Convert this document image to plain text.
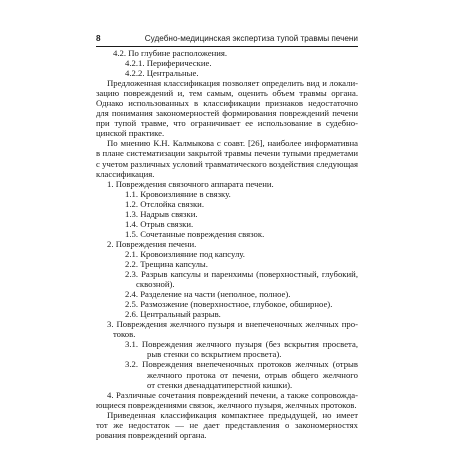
8	Судебно-медицинская экспертиза тупой травмы печени
4.2. По глубине расположения.
4.2.1. Периферические.
4.2.2. Центральные.
Предложенная классификация позволяет определить вид и локали-
зацию повреждений и, тем самым, оценить объем травмы органа.
Однако использованных в классификации признаков недостаточно
для понимания закономерностей формирования повреждений печени
при тупой травме, что ограничивает ее использование в судебно-
цинской практике.
По мнению К.Н. Калмыкова с соавт. [26], наиболее информативна
в плане систематизации закрытой травмы печени тупыми предметами
с учетом различных условий травматического воздействия следующая
классификация.
1. Повреждения связочного аппарата печени.
1.1. Кровоизлияние в связку.
1.2. Отслойка связки.
1.3. Надрыв связки.
1.4. Отрыв связки.
1.5. Сочетанные повреждения связок.
2. Повреждения печени.
2.1. Кровоизлияние под капсулу.
2.2. Трещина капсулы.
2.3. Разрыв капсулы и паренхимы (поверхностный, глубокий,
сквозной).
2.4. Разделение на части (неполное, полное).
2.5. Размозжение (поверхностное, глубокое, обширное).
2.6. Центральный разрыв.
3. Повреждения желчного пузыря и внепеченочных желчных про-
токов.
3.1. Повреждения желчного пузыря (без вскрытия просвета,
рыв стенки со вскрытием просвета).
3.2. Повреждения внепеченочных протоков желчных (отрыв
желчного протока от печени, отрыв общего желчного
от стенки двенадцатиперстной кишки).
4. Различные сочетания повреждений печени, а также сопровожда-
ющиеся повреждениями связок, желчного пузыря, желчных протоков.
Приведенная классификация компактнее предыдущей, но имеет
тот же недостаток — не дает представления о закономерностях
рования повреждений органа.
